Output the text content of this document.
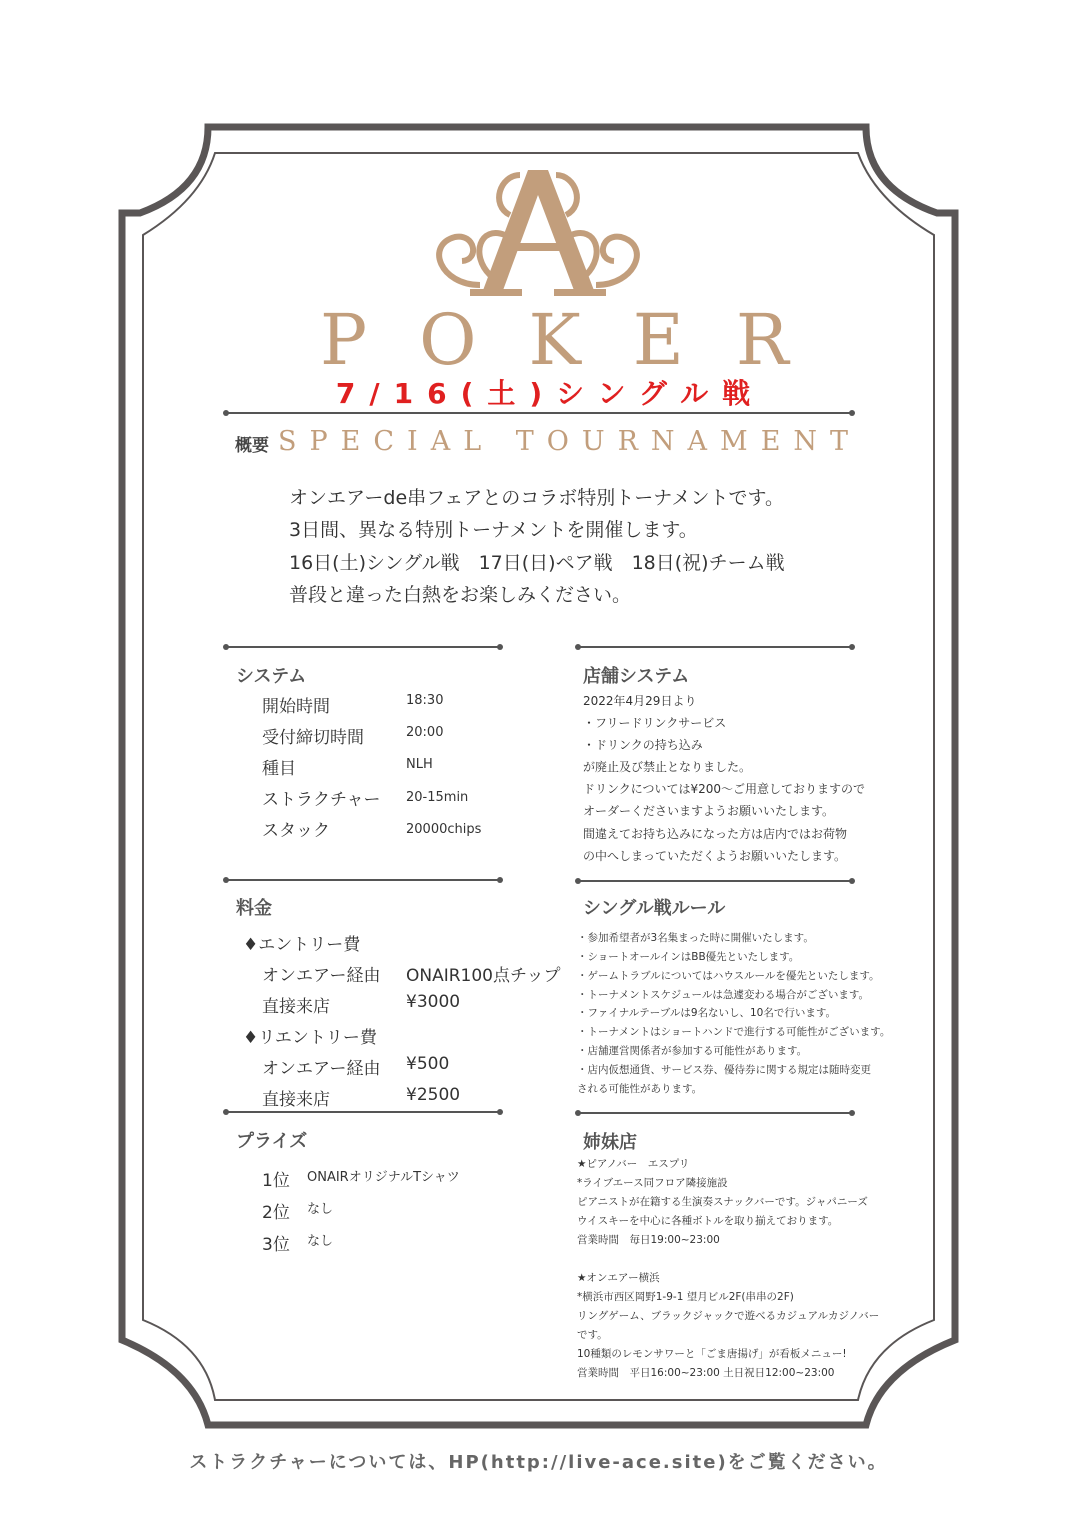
POKER
7/16(土)シングル戦
概要 SPECIAL TOURNAMENT
オンエアーde串フェアとのコラボ特別トーナメントです。
3日間、異なる特別トーナメントを開催します。
16日(土)シングル戦　17日(日)ペア戦　18日(祝)チーム戦
普段と違った白熱をお楽しみください。
システム
開始時間	18:30
受付締切時間	20:00
種目	NLH
ストラクチャー 20-15min
スタック	20000chips
店舗システム
2022年4月29日より
・フリードリンクサービス
・ドリンクの持ち込み
が廃止及び禁止となりました。
ドリンクについては¥200〜ご用意しておりますので
オーダーくださいますようお願いいたします。
間違えてお持ち込みになった方は店内ではお荷物
の中へしまっていただくようお願いいたします。
料金
♦エントリー費
オンエアー経由 ONAIR100点チップ
直接来店	¥3000
♦リエントリー費
オンエアー経由 ¥500
直接来店	¥2500
シングル戦ルール
・参加希望者が3名集まった時に開催いたします。
・ショートオールインはBB優先といたします。
・ゲームトラブルについてはハウスルールを優先といたします。
・トーナメントスケジュールは急遽変わる場合がございます。
・ファイナルテーブルは9名ないし、10名で行います。
・トーナメントはショートハンドで進行する可能性がございます。
・店舗運営関係者が参加する可能性があります。
・店内仮想通貨、サービス券、優待券に関する規定は随時変更
される可能性があります。
プライズ
1位 ONAIRオリジナルTシャツ
2位 なし
3位 なし
姉妹店
★ピアノバー　エスプリ
*ライブエース同フロア隣接施設
ピアニストが在籍する生演奏スナックバーです。ジャパニーズ
ウイスキーを中心に各種ボトルを取り揃えております。
営業時間　毎日19:00~23:00
★オンエアー横浜
*横浜市西区岡野1-9-1 望月ビル2F(串串の2F)
リングゲーム、ブラックジャックで遊べるカジュアルカジノバー
です。
10種類のレモンサワーと「ごま唐揚げ」が看板メニュー!
営業時間　平日16:00~23:00 土日祝日12:00~23:00
ストラクチャーについては、HP(http://live-ace.site)をご覧ください。
